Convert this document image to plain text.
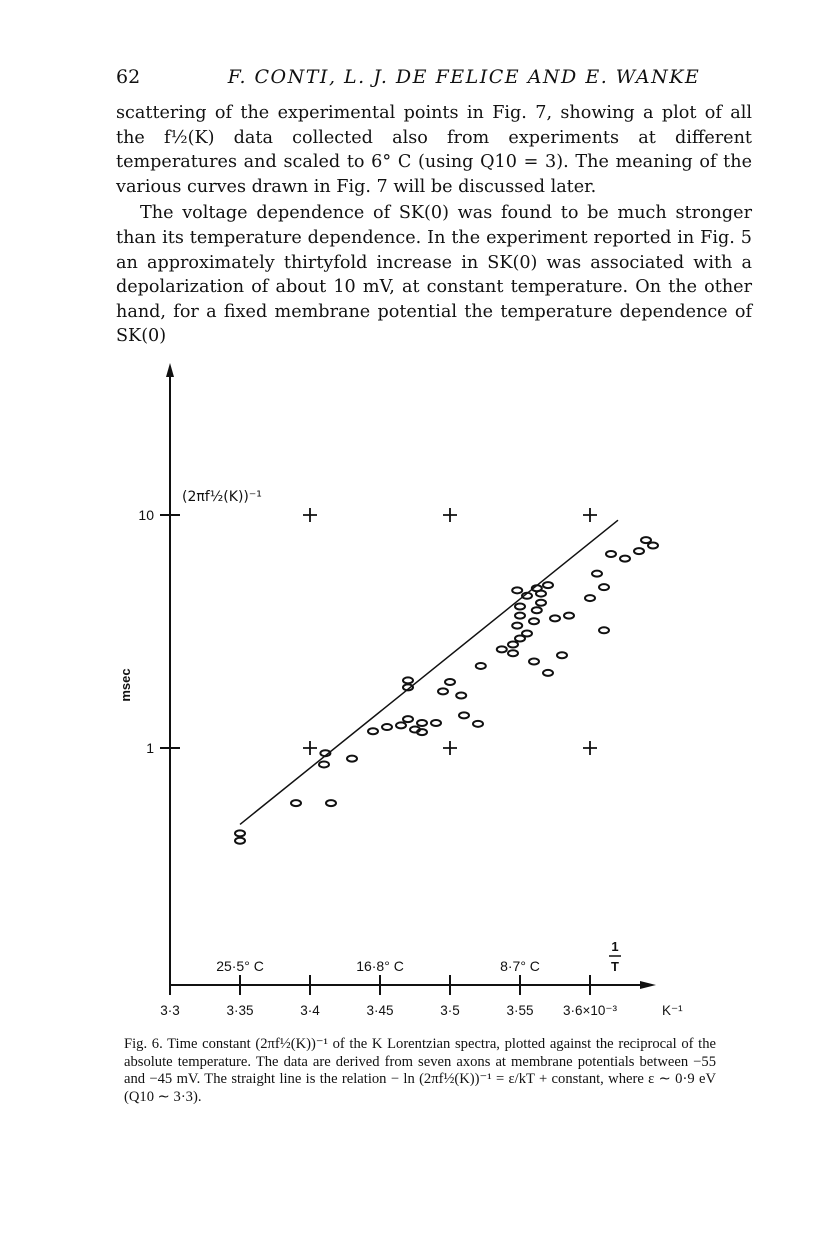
62	F. CONTI, L. J. DE FELICE AND E. WANKE

scattering of the experimental points in Fig. 7, showing a plot of all the f½(K) data collected also from experiments at different temperatures and scaled to 6° C (using Q10 = 3). The meaning of the various curves drawn in Fig. 7 will be discussed later.

The voltage dependence of SK(0) was found to be much stronger than its temperature dependence. In the experiment reported in Fig. 5 an approximately thirtyfold increase in SK(0) was associated with a depolarization of about 10 mV, at constant temperature. On the other hand, for a fixed membrane potential the temperature dependence of SK(0)

1
10
msec
(2πf½(K))⁻¹
3·3	3·35	3·4	3·45	3·5	3·55 3·6×10⁻³	K⁻¹
25·5° C	16·8° C	8·7° C
1
T
Fig. 6. Time constant (2πf½(K))⁻¹ of the K Lorentzian spectra, plotted against the reciprocal of the absolute temperature. The data are derived from seven axons at membrane potentials between −55 and −45 mV. The straight line is the relation − ln (2πf½(K))⁻¹ = ε/kT + constant, where ε ∼ 0·9 eV (Q10 ∼ 3·3).
